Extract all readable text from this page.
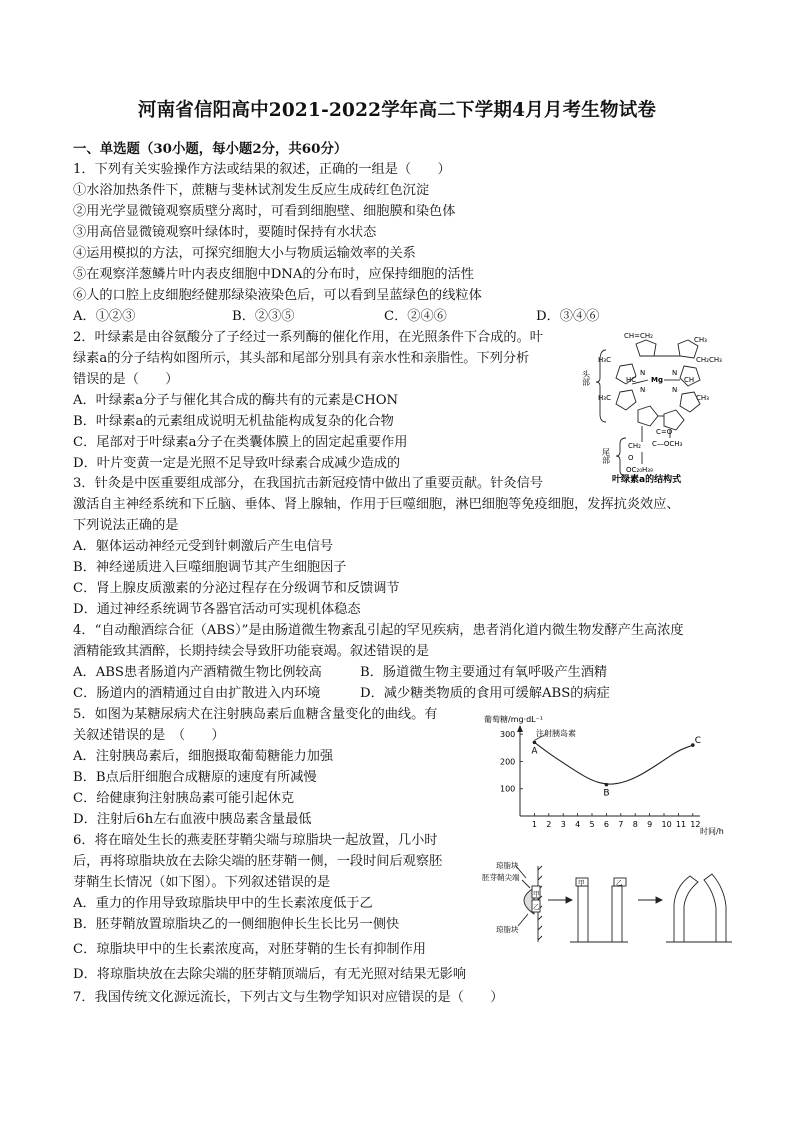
河南省信阳高中2021-2022学年高二下学期4月月考生物试卷
一、单选题（30小题，每小题2分，共60分）
1．下列有关实验操作方法或结果的叙述，正确的一组是（　　）
①水浴加热条件下，蔗糖与斐林试剂发生反应生成砖红色沉淀
②用光学显微镜观察质壁分离时，可看到细胞壁、细胞膜和染色体
③用高倍显微镜观察叶绿体时，要随时保持有水状态
④运用模拟的方法，可探究细胞大小与物质运输效率的关系
⑤在观察洋葱鳞片叶内表皮细胞中DNA的分布时，应保持细胞的活性
⑥人的口腔上皮细胞经健那绿染液染色后，可以看到呈蓝绿色的线粒体
A．①②③	B．②③⑤	C．②④⑥	D．③④⑥
2．叶绿素是由谷氨酸分了子经过一系列酶的催化作用，在光照条件下合成的。叶
绿素a的分子结构如图所示，其头部和尾部分别具有亲水性和亲脂性。下列分析
错误的是（　　）
A．叶绿素a分子与催化其合成的酶共有的元素是CHON
B．叶绿素a的元素组成说明无机盐能构成复杂的化合物
C．尾部对于叶绿素a分子在类囊体膜上的固定起重要作用
D．叶片变黄一定是光照不足导致叶绿素合成减少造成的
CH=CH₂	CH₃
H₃C	CH₂CH₃
H₃C	CH₃
Mg
N	N
N	N
HC	CH
C=O
C—OCH₃
CH₂
O
OC₂₀H₃₉
头部
尾部
叶绿素a的结构式
3．针灸是中医重要组成部分，在我国抗击新冠疫情中做出了重要贡献。针灸信号
激活自主神经系统和下丘脑、垂体、肾上腺轴，作用于巨噬细胞，淋巴细胞等免疫细胞，发挥抗炎效应、
下列说法正确的是
A．躯体运动神经元受到针刺激后产生电信号
B．神经递质进入巨噬细胞调节其产生细胞因子
C．肾上腺皮质激素的分泌过程存在分级调节和反馈调节
D．通过神经系统调节各器官活动可实现机体稳态
4．“自动酿酒综合征（ABS）”是由肠道微生物紊乱引起的罕见疾病，患者消化道内微生物发酵产生高浓度
酒精能致其酒醉，长期持续会导致肝功能衰竭。叙述错误的是
A．ABS患者肠道内产酒精微生物比例较高	B．肠道微生物主要通过有氧呼吸产生酒精
C．肠道内的酒精通过自由扩散进入内环境	D．减少糖类物质的食用可缓解ABS的病症
5．如图为某糖尿病犬在注射胰岛素后血糖含量变化的曲线。有
关叙述错误的是　（　　）
A．注射胰岛素后，细胞摄取葡萄糖能力加强
B．B点后肝细胞合成糖原的速度有所减慢
C．给健康狗注射胰岛素可能引起休克
D．注射后6h左右血液中胰岛素含量最低
葡萄糖/mg·dL⁻¹
注射胰岛素
时间/h
1 2 3 4 5 6 7 8 9 10 11 12
100
200
300
A
B
C
6．将在暗处生长的燕麦胚芽鞘尖端与琼脂块一起放置，几小时
后，再将琼脂块放在去除尖端的胚芽鞘一侧，一段时间后观察胚
芽鞘生长情况（如下图）。下列叙述错误的是
A．重力的作用导致琼脂块甲中的生长素浓度低于乙
B．胚芽鞘放置琼脂块乙的一侧细胞伸长生长比另一侧快
C．琼脂块甲中的生长素浓度高，对胚芽鞘的生长有抑制作用
D．将琼脂块放在去除尖端的胚芽鞘顶端后，有无光照对结果无影响
琼脂块
胚芽鞘尖端
琼脂块
甲
乙
甲	乙
7．我国传统文化源远流长，下列古文与生物学知识对应错误的是（　　）
